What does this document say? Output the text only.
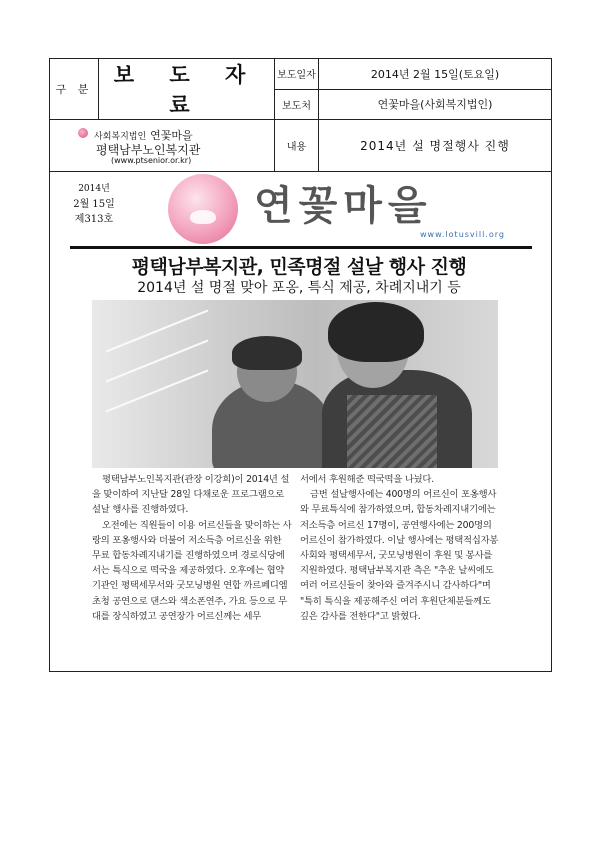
구 분	보 도 자 료	보도일자	2014년 2월 15일(토요일)
		보도처	연꽃마을(사회복지법인)

사회복지법인 연꽃마을
평택남부노인복지관
(www.ptsenior.or.kr)		내용	2014년 설 명절행사 진행
2014년
2월 15일
제313호	연꽃마을
www.lotusvill.org
평택남부복지관, 민족명절 설날 행사 진행
2014년 설 명절 맞아 포옹, 특식 제공, 차례지내기 등

평택남부노인복지관(관장 이강희)이 2014년 설을 맞이하여 지난달 28일 다채로운 프로그램으로 설날 행사를 진행하였다.

오전에는 직원들이 이용 어르신들을 맞이하는 사랑의 포옹행사와 더불어 저소득층 어르신을 위한 무료 합동차례지내기를 진행하였으며 경로식당에서는 특식으로 떡국을 제공하였다. 오후에는 협약기관인 평택세무서와 굿모닝병원 연합 까르페디엠 초청 공연으로 댄스와 색소폰연주, 가요 등으로 무대를 장식하였고 공연장가 어르신께는 세무

서에서 후원해준 떡국떡을 나눴다.

금번 설날행사에는 400명의 어르신이 포옹행사와 무료특식에 참가하였으며, 합동차례지내기에는 저소득층 어르신 17명이, 공연행사에는 200명의 어르신이 참가하였다. 이날 행사에는 평택적십자봉사회와 평택세무서, 굿모닝병원이 후원 및 봉사를 지원하였다. 평택남부복지관 측은 "추운 날씨에도 여러 어르신들이 찾아와 즐겨주시니 감사하다"며 "특히 특식을 제공해주신 여러 후원단체분들께도 깊은 감사를 전한다"고 밝혔다.
